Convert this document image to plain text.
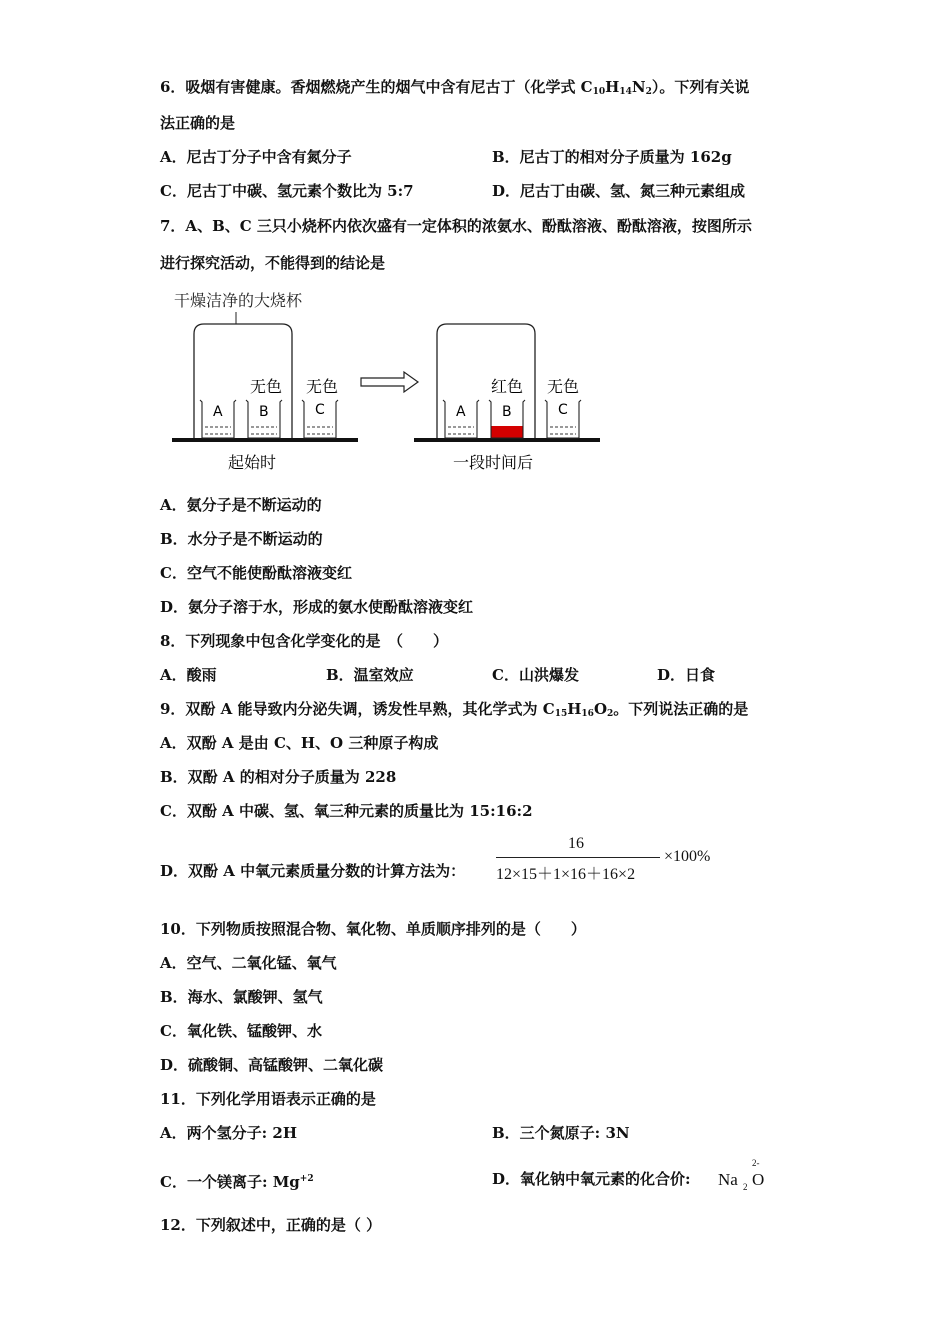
6．吸烟有害健康。香烟燃烧产生的烟气中含有尼古丁（化学式 $C_{10}H_{14}N_2$）。下列有关说
法正确的是
A．尼古丁分子中含有氮分子	B．尼古丁的相对分子质量为 162g
C．尼古丁中碳、氢元素个数比为 5:7	D．尼古丁由碳、氢、氮三种元素组成
7．A、B、C 三只小烧杯内依次盛有一定体积的浓氨水、酚酞溶液、酚酞溶液，按图所示
进行探究活动，不能得到的结论是
干燥洁净的大烧杯
A	B
无色
C
无色
起始时
A	B
红色
C
无色
一段时间后
A．氨分子是不断运动的
B．水分子是不断运动的
C．空气不能使酚酞溶液变红
D．氨分子溶于水，形成的氨水使酚酞溶液变红
8．下列现象中包含化学变化的是　（　　）
A．酸雨	B．温室效应	C．山洪爆发	D．日食
9．双酚 A 能导致内分泌失调，诱发性早熟，其化学式为 $C_{15}H_{16}O_2$。下列说法正确的是
A．双酚 A 是由 C、H、O 三种原子构成
B．双酚 A 的相对分子质量为 228
C．双酚 A 中碳、氢、氧三种元素的质量比为 15:16:2
D．双酚 A 中氧元素质量分数的计算方法为：
16
12×15＋1×16＋16×2
×100%
10．下列物质按照混合物、氧化物、单质顺序排列的是（　　）
A．空气、二氧化锰、氧气
B．海水、氯酸钾、氢气
C．氧化铁、锰酸钾、水
D．硫酸铜、高锰酸钾、二氧化碳
11．下列化学用语表示正确的是
A．两个氢分子: 2H	B．三个氮原子: 3N
C．一个镁离子: $Mg^{+2}$	D．氧化钠中氧元素的化合价:
2-
Na 2 O
12．下列叙述中，正确的是（ ）
